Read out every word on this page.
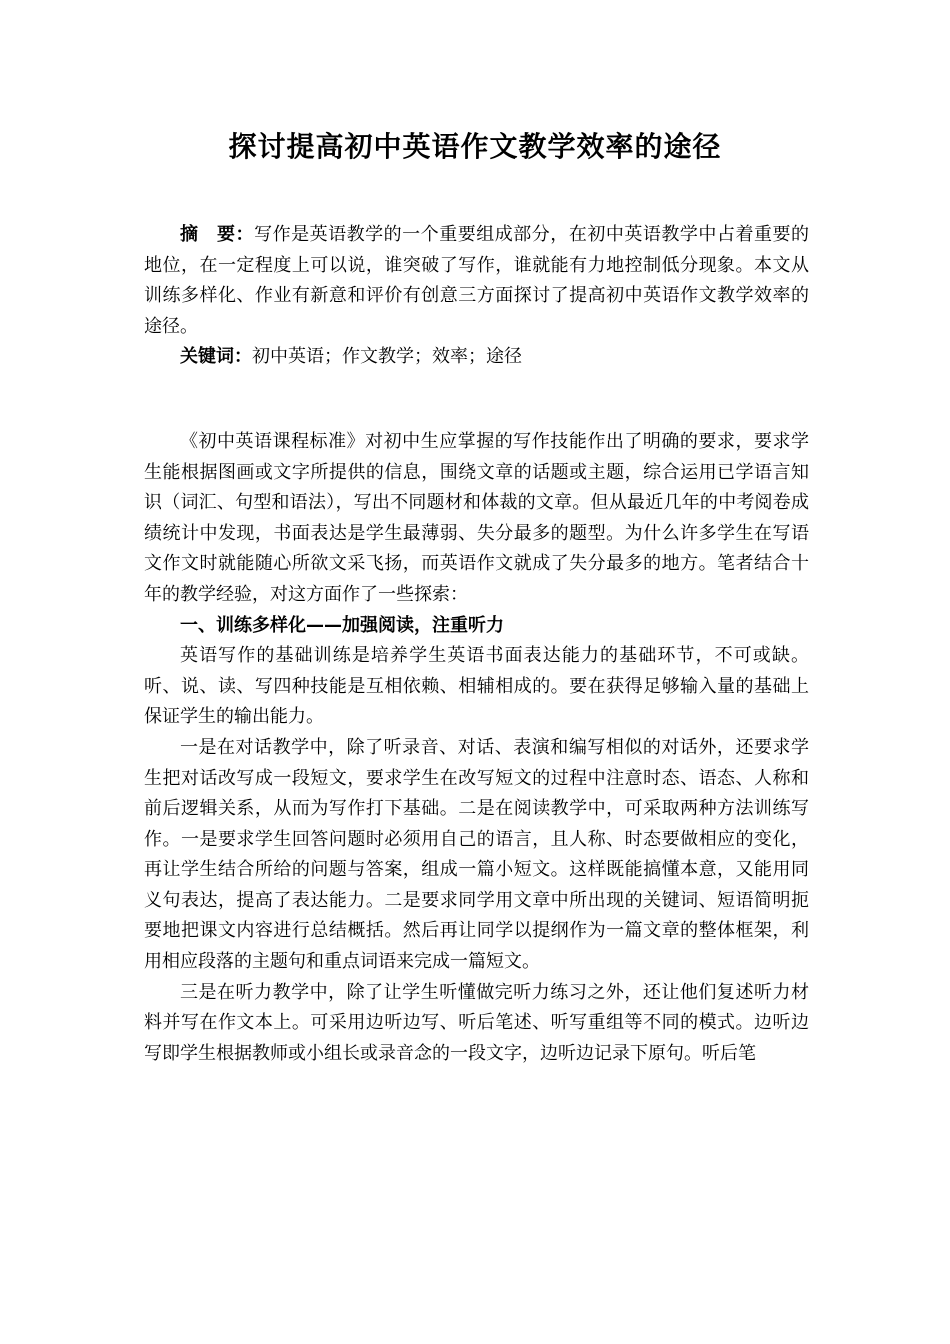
探讨提高初中英语作文教学效率的途径

摘　要：写作是英语教学的一个重要组成部分，在初中英语教学中占着重要的地位，在一定程度上可以说，谁突破了写作，谁就能有力地控制低分现象。本文从训练多样化、作业有新意和评价有创意三方面探讨了提高初中英语作文教学效率的途径。

关键词：初中英语；作文教学；效率；途径

《初中英语课程标准》对初中生应掌握的写作技能作出了明确的要求，要求学生能根据图画或文字所提供的信息，围绕文章的话题或主题，综合运用已学语言知识（词汇、句型和语法），写出不同题材和体裁的文章。但从最近几年的中考阅卷成绩统计中发现，书面表达是学生最薄弱、失分最多的题型。为什么许多学生在写语文作文时就能随心所欲文采飞扬，而英语作文就成了失分最多的地方。笔者结合十年的教学经验，对这方面作了一些探索：

一、训练多样化——加强阅读，注重听力

英语写作的基础训练是培养学生英语书面表达能力的基础环节，不可或缺。听、说、读、写四种技能是互相依赖、相辅相成的。要在获得足够输入量的基础上保证学生的输出能力。

一是在对话教学中，除了听录音、对话、表演和编写相似的对话外，还要求学生把对话改写成一段短文，要求学生在改写短文的过程中注意时态、语态、人称和前后逻辑关系，从而为写作打下基础。二是在阅读教学中，可采取两种方法训练写作。一是要求学生回答问题时必须用自己的语言，且人称、时态要做相应的变化，再让学生结合所给的问题与答案，组成一篇小短文。这样既能搞懂本意，又能用同义句表达，提高了表达能力。二是要求同学用文章中所出现的关键词、短语简明扼要地把课文内容进行总结概括。然后再让同学以提纲作为一篇文章的整体框架，利用相应段落的主题句和重点词语来完成一篇短文。

三是在听力教学中，除了让学生听懂做完听力练习之外，还让他们复述听力材料并写在作文本上。可采用边听边写、听后笔述、听写重组等不同的模式。边听边写即学生根据教师或小组长或录音念的一段文字，边听边记录下原句。听后笔
